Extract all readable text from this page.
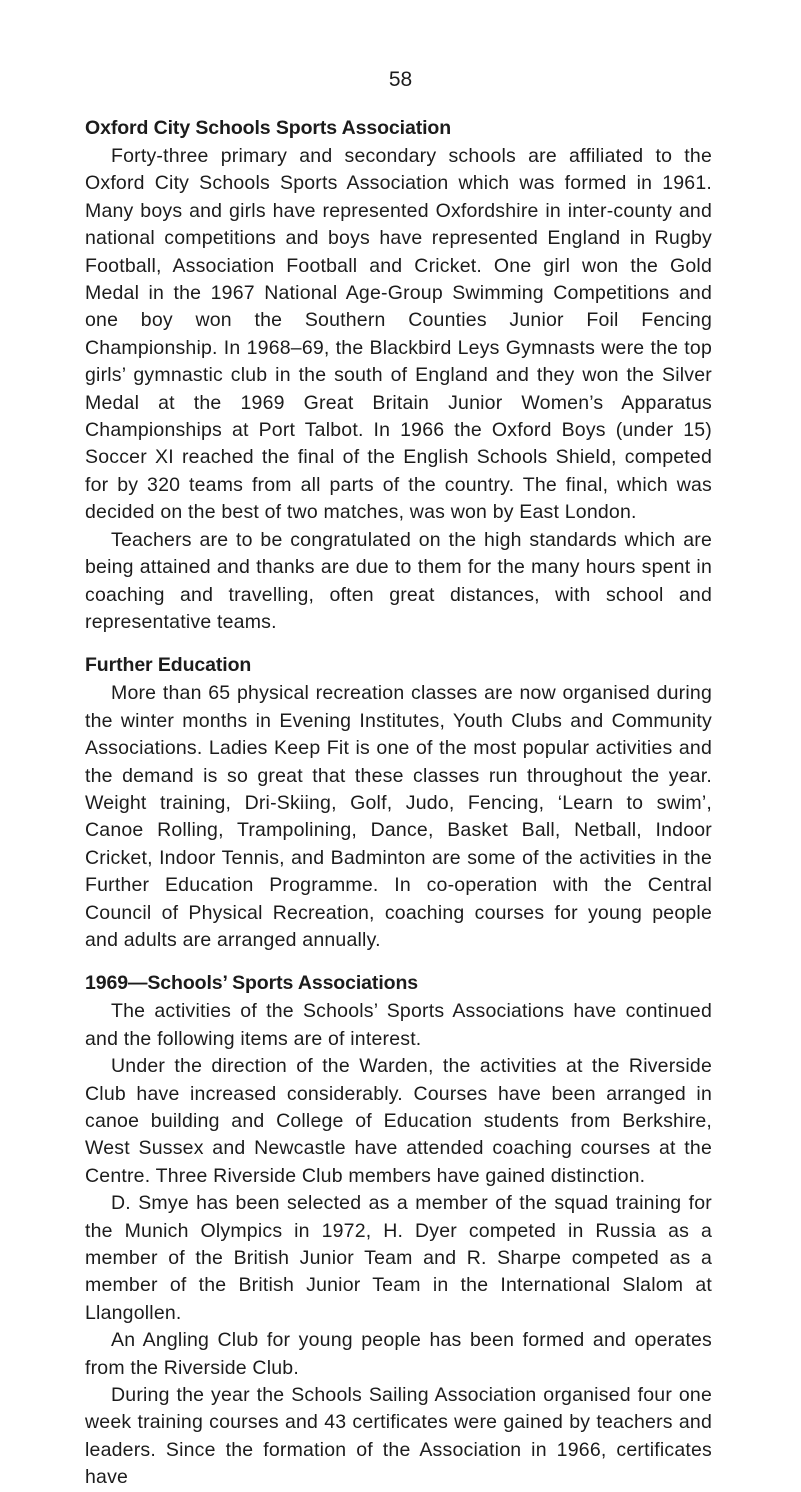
58
Oxford City Schools Sports Association

Forty-three primary and secondary schools are affiliated to the Oxford City Schools Sports Association which was formed in 1961. Many boys and girls have represented Oxfordshire in inter-county and national competitions and boys have represented England in Rugby Football, Association Football and Cricket. One girl won the Gold Medal in the 1967 National Age-Group Swimming Competitions and one boy won the Southern Counties Junior Foil Fencing Championship. In 1968–69, the Blackbird Leys Gymnasts were the top girls’ gymnastic club in the south of England and they won the Silver Medal at the 1969 Great Britain Junior Women’s Apparatus Championships at Port Talbot. In 1966 the Oxford Boys (under 15) Soccer XI reached the final of the English Schools Shield, competed for by 320 teams from all parts of the country. The final, which was decided on the best of two matches, was won by East London.

Teachers are to be congratulated on the high standards which are being attained and thanks are due to them for the many hours spent in coaching and travelling, often great distances, with school and representative teams.

Further Education

More than 65 physical recreation classes are now organised during the winter months in Evening Institutes, Youth Clubs and Community Associations. Ladies Keep Fit is one of the most popular activities and the demand is so great that these classes run throughout the year. Weight training, Dri-Skiing, Golf, Judo, Fencing, ‘Learn to swim’, Canoe Rolling, Trampolining, Dance, Basket Ball, Netball, Indoor Cricket, Indoor Tennis, and Badminton are some of the activities in the Further Education Programme. In co-operation with the Central Council of Physical Recreation, coaching courses for young people and adults are arranged annually.

1969—Schools’ Sports Associations

The activities of the Schools’ Sports Associations have continued and the following items are of interest.

Under the direction of the Warden, the activities at the Riverside Club have increased considerably. Courses have been arranged in canoe building and College of Education students from Berkshire, West Sussex and Newcastle have attended coaching courses at the Centre. Three Riverside Club members have gained distinction.

D. Smye has been selected as a member of the squad training for the Munich Olympics in 1972, H. Dyer competed in Russia as a member of the British Junior Team and R. Sharpe competed as a member of the British Junior Team in the International Slalom at Llangollen.

An Angling Club for young people has been formed and operates from the Riverside Club.

During the year the Schools Sailing Association organised four one week training courses and 43 certificates were gained by teachers and leaders. Since the formation of the Association in 1966, certificates have
